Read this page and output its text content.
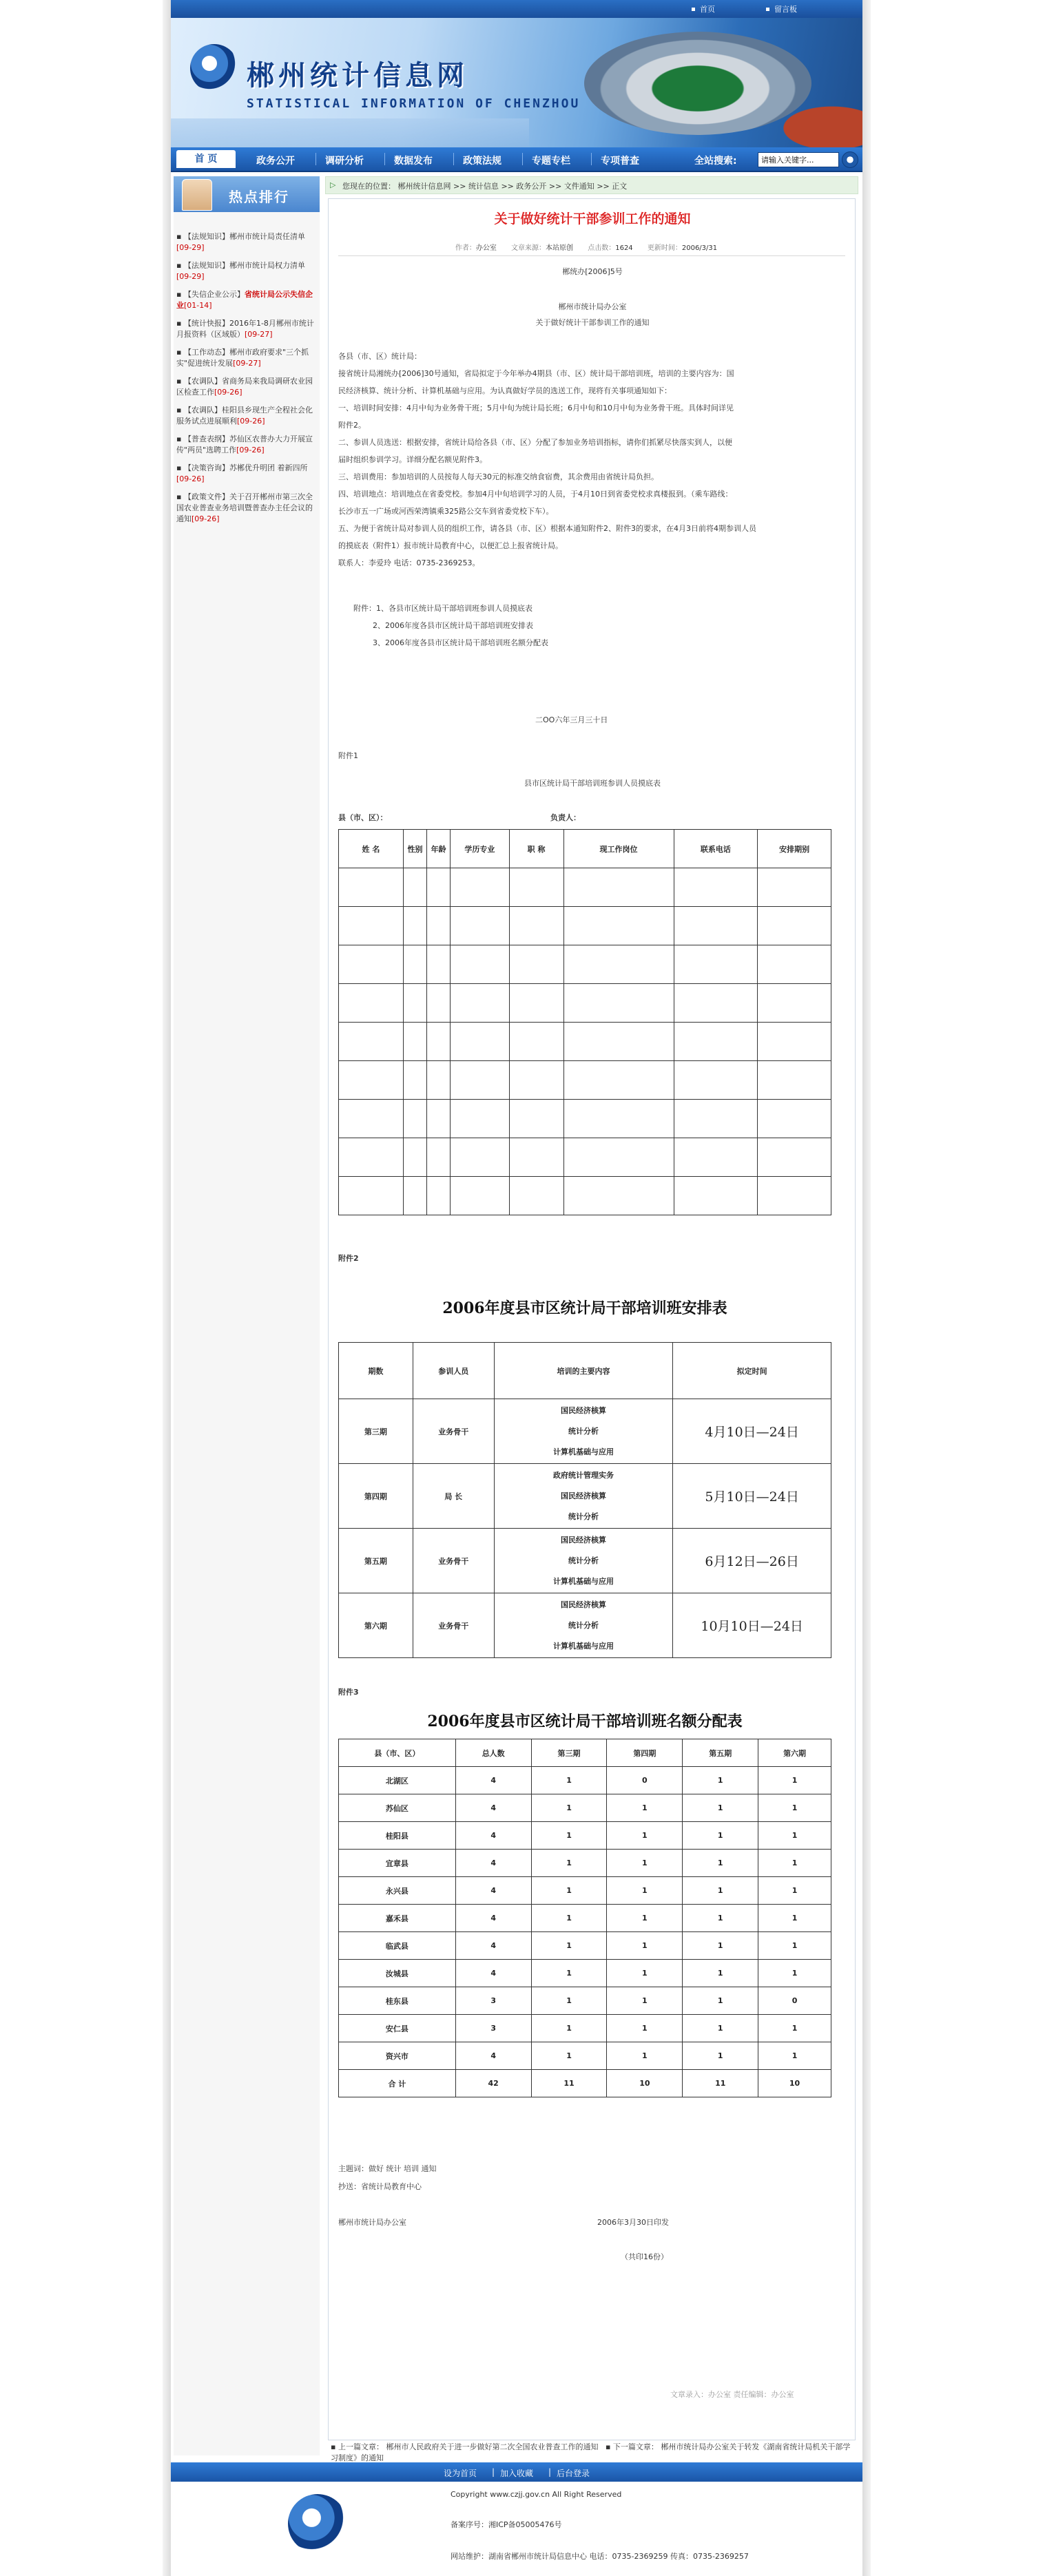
首页	留言板
郴州统计信息网
STATISTICAL INFORMATION OF CHENZHOU
首 页	政务公开	调研分析	数据发布	政策法规	专题专栏	专项普查	全站搜索:
请输入关键字...
热点排行
▪ 【法规知识】郴州市统计局责任清单[09-29]
▪ 【法规知识】郴州市统计局权力清单[09-29]
▪ 【失信企业公示】省统计局公示失信企业[01-14]
▪ 【统计快报】2016年1-8月郴州市统计月报资料（区域版）[09-27]
▪ 【工作动态】郴州市政府要求"三个抓实"促进统计发展[09-27]
▪ 【农调队】省商务局来我局调研农业园区检查工作[09-26]
▪ 【农调队】桂阳县乡现生产全程社会化服务试点进展顺利[09-26]
▪ 【普查表纲】苏仙区农普办大力开展宣传"两员"选聘工作[09-26]
▪ 【决策咨询】苏郴优升明团 着新四所[09-26]
▪ 【政策文件】关于召开郴州市第三次全国农业普查业务培训暨普查办主任会议的通知[09-26]
▷ 您现在的位置： 郴州统计信息网 >> 统计信息 >> 政务公开 >> 文件通知 >> 正文
关于做好统计干部参训工作的通知
作者：办公室 文章来源：本站原创 点击数：1624 更新时间：2006/3/31
郴统办[2006]5号
郴州市统计局办公室
关于做好统计干部参训工作的通知
各县（市、区）统计局：
接省统计局湘统办[2006]30号通知，省局拟定于今年举办4期县（市、区）统计局干部培训班，培训的主要内容为：国
民经济核算、统计分析、计算机基础与应用。为认真做好学员的选送工作，现将有关事项通知如下：
一、培训时间安排：4月中旬为业务骨干班；5月中旬为统计局长班；6月中旬和10月中旬为业务骨干班。具体时间详见
附件2。
二、参训人员选送：根据安排，省统计局给各县（市、区）分配了参加业务培训指标，请你们抓紧尽快落实到人，以便
届时组织参训学习。详细分配名额见附件3。
三、培训费用：参加培训的人员按每人每天30元的标准交纳食宿费，其余费用由省统计局负担。
四、培训地点：培训地点在省委党校。参加4月中旬培训学习的人员，于4月10日到省委党校求真楼报到。（乘车路线：
长沙市五一广场或河西荣湾镇乘325路公交车到省委党校下车）。
五、为便于省统计局对参训人员的组织工作，请各县（市、区）根据本通知附件2、附件3的要求，在4月3日前将4期参训人员
的摸底表（附件1）报市统计局教育中心，以便汇总上报省统计局。
联系人：李爱玲 电话：0735-2369253。
附件：1、各县市区统计局干部培训班参训人员摸底表
2、2006年度各县市区统计局干部培训班安排表
3、2006年度各县市区统计局干部培训班名额分配表
二OO六年三月三十日
附件1
县市区统计局干部培训班参训人员摸底表
县（市、区）：	负责人：
姓 名	性别	年龄	学历专业	职 称	现工作岗位	联系电话	安排期别

附件2
2006年度县市区统计局干部培训班安排表
期数	参训人员	培训的主要内容	拟定时间
第三期	业务骨干	国民经济核算
统计分析
计算机基础与应用	4月10日—24日
第四期	局 长	政府统计管理实务
国民经济核算
统计分析	5月10日—24日
第五期	业务骨干	国民经济核算
统计分析
计算机基础与应用	6月12日—26日
第六期	业务骨干	国民经济核算
统计分析
计算机基础与应用	10月10日—24日
附件3
2006年度县市区统计局干部培训班名额分配表
县（市、区）	总人数	第三期	第四期	第五期	第六期
北湖区	4	1	0	1	1
苏仙区	4	1	1	1	1
桂阳县	4	1	1	1	1
宜章县	4	1	1	1	1
永兴县	4	1	1	1	1
嘉禾县	4	1	1	1	1
临武县	4	1	1	1	1
汝城县	4	1	1	1	1
桂东县	3	1	1	1	0
安仁县	3	1	1	1	1
资兴市	4	1	1	1	1
合 计	42	11	10	11	10
主题词：做好 统计 培训 通知
抄送：省统计局教育中心
郴州市统计局办公室	2006年3月30日印发
（共印16份）
文章录入：办公室 责任编辑：办公室
▪ 上一篇文章： 郴州市人民政府关于进一步做好第二次全国农业普查工作的通知 ▪ 下一篇文章： 郴州市统计局办公室关于转发《湖南省统计局机关干部学习制度》的通知
设为首页 | 加入收藏 | 后台登录
Copyright www.czjj.gov.cn All Right Reserved
备案序号：湘ICP备05005476号
网站维护：湖南省郴州市统计局信息中心 电话：0735-2369259 传真：0735-2369257
